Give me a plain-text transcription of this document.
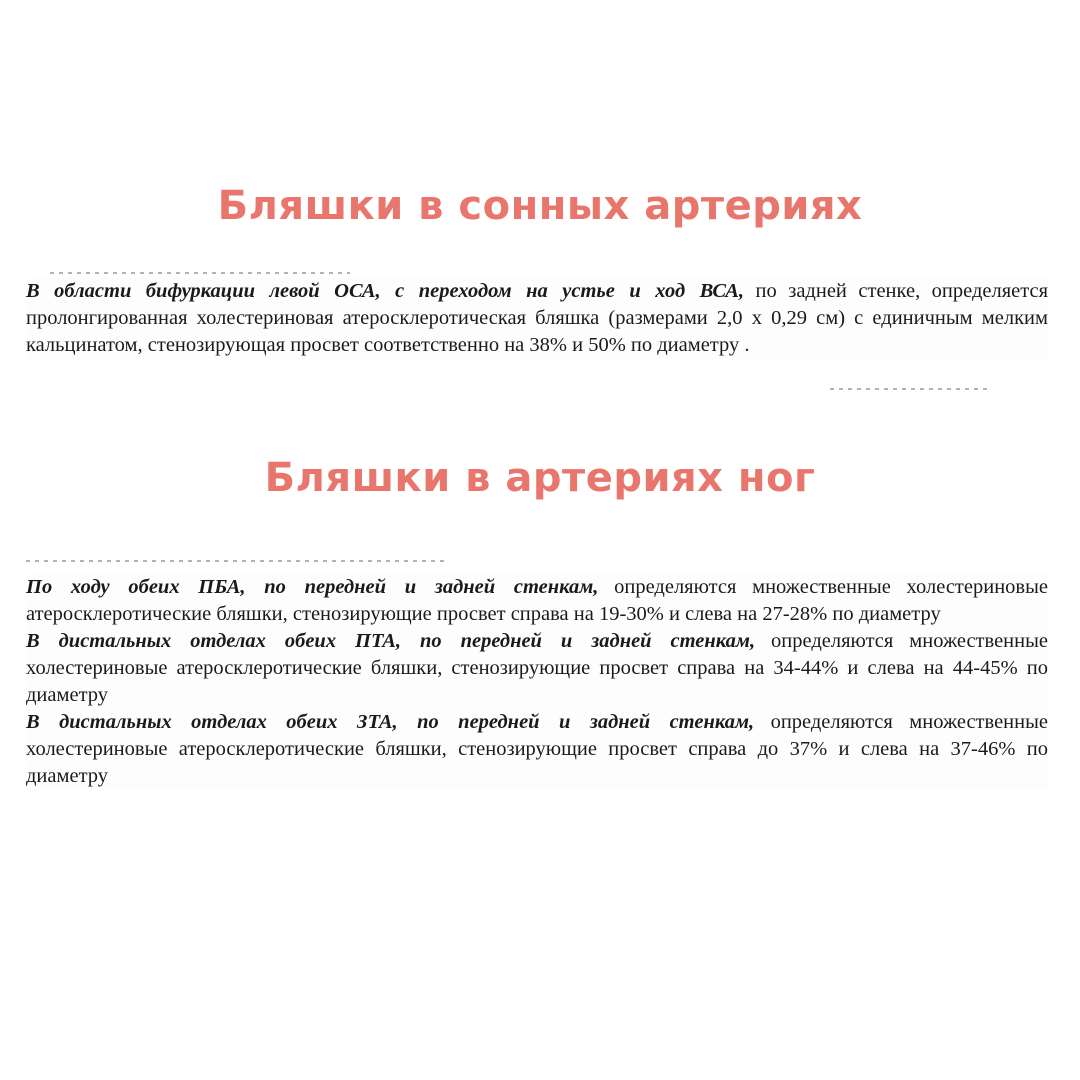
Бляшки в сонных артериях

В области бифуркации левой ОСА, с переходом на устье и ход ВСА, по задней стенке, определяется пролонгированная холестериновая атеросклеротическая бляшка (размерами 2,0 х 0,29 см) с единичным мелким кальцинатом, стенозирующая просвет соответственно на 38% и 50% по диаметру .

Бляшки в артериях ног

По ходу обеих ПБА, по передней и задней стенкам, определяются множественные холестериновые атеросклеротические бляшки, стенозирующие просвет справа на 19-30% и слева на 27-28% по диаметру

В дистальных отделах обеих ПТА, по передней и задней стенкам, определяются множественные холестериновые атеросклеротические бляшки, стенозирующие просвет справа на 34-44% и слева на 44-45% по диаметру

В дистальных отделах обеих ЗТА, по передней и задней стенкам, определяются множественные холестериновые атеросклеротические бляшки, стенозирующие просвет справа до 37% и слева на 37-46% по диаметру
